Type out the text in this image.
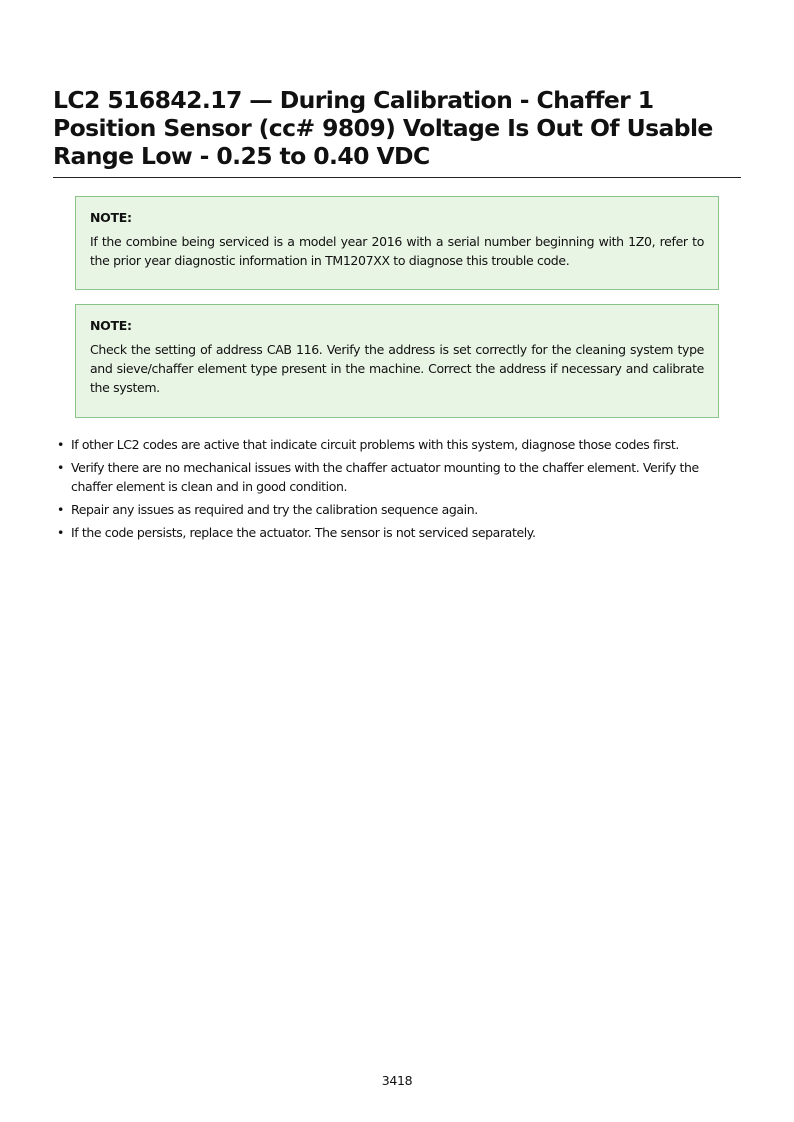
LC2 516842.17 — During Calibration - Chaffer 1 Position Sensor (cc# 9809) Voltage Is Out Of Usable Range Low - 0.25 to 0.40 VDC

NOTE:

If the combine being serviced is a model year 2016 with a serial number beginning with 1Z0, refer to the prior year diagnostic information in TM1207XX to diagnose this trouble code.

NOTE:

Check the setting of address CAB 116. Verify the address is set correctly for the cleaning system type and sieve/chaffer element type present in the machine. Correct the address if necessary and calibrate the system.

• If other LC2 codes are active that indicate circuit problems with this system, diagnose those codes first.
• Verify there are no mechanical issues with the chaffer actuator mounting to the chaffer element. Verify the chaffer element is clean and in good condition.
• Repair any issues as required and try the calibration sequence again.
• If the code persists, replace the actuator. The sensor is not serviced separately.
3418
